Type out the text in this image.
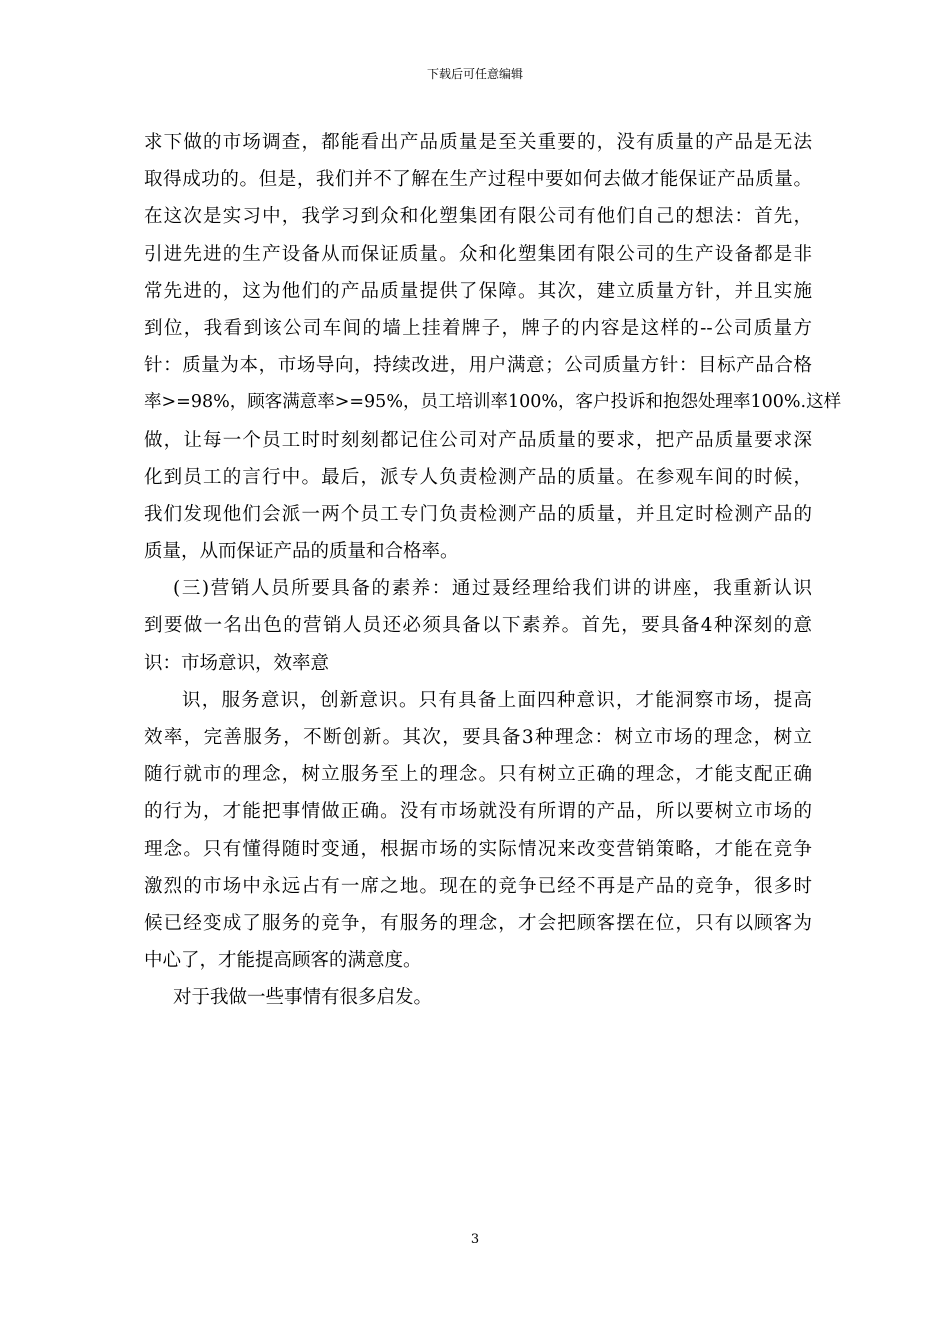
下载后可任意编辑
求下做的市场调查，都能看出产品质量是至关重要的，没有质量的产品是无法
取得成功的。但是，我们并不了解在生产过程中要如何去做才能保证产品质量。
在这次是实习中，我学习到众和化塑集团有限公司有他们自己的想法：首先，
引进先进的生产设备从而保证质量。众和化塑集团有限公司的生产设备都是非
常先进的，这为他们的产品质量提供了保障。其次，建立质量方针，并且实施
到位，我看到该公司车间的墙上挂着牌子，牌子的内容是这样的--公司质量方
针：质量为本，市场导向，持续改进，用户满意；公司质量方针：目标产品合格
率>=98%，顾客满意率>=95%，员工培训率100%，客户投诉和抱怨处理率100%.这样
做，让每一个员工时时刻刻都记住公司对产品质量的要求，把产品质量要求深
化到员工的言行中。最后，派专人负责检测产品的质量。在参观车间的时候，
我们发现他们会派一两个员工专门负责检测产品的质量，并且定时检测产品的
质量，从而保证产品的质量和合格率。
(三)营销人员所要具备的素养：通过聂经理给我们讲的讲座，我重新认识
到要做一名出色的营销人员还必须具备以下素养。首先，要具备4种深刻的意
识：市场意识，效率意
识，服务意识，创新意识。只有具备上面四种意识，才能洞察市场，提高
效率，完善服务，不断创新。其次，要具备3种理念：树立市场的理念，树立
随行就市的理念，树立服务至上的理念。只有树立正确的理念，才能支配正确
的行为，才能把事情做正确。没有市场就没有所谓的产品，所以要树立市场的
理念。只有懂得随时变通，根据市场的实际情况来改变营销策略，才能在竞争
激烈的市场中永远占有一席之地。现在的竞争已经不再是产品的竞争，很多时
候已经变成了服务的竞争，有服务的理念，才会把顾客摆在位，只有以顾客为
中心了，才能提高顾客的满意度。
对于我做一些事情有很多启发。
3
